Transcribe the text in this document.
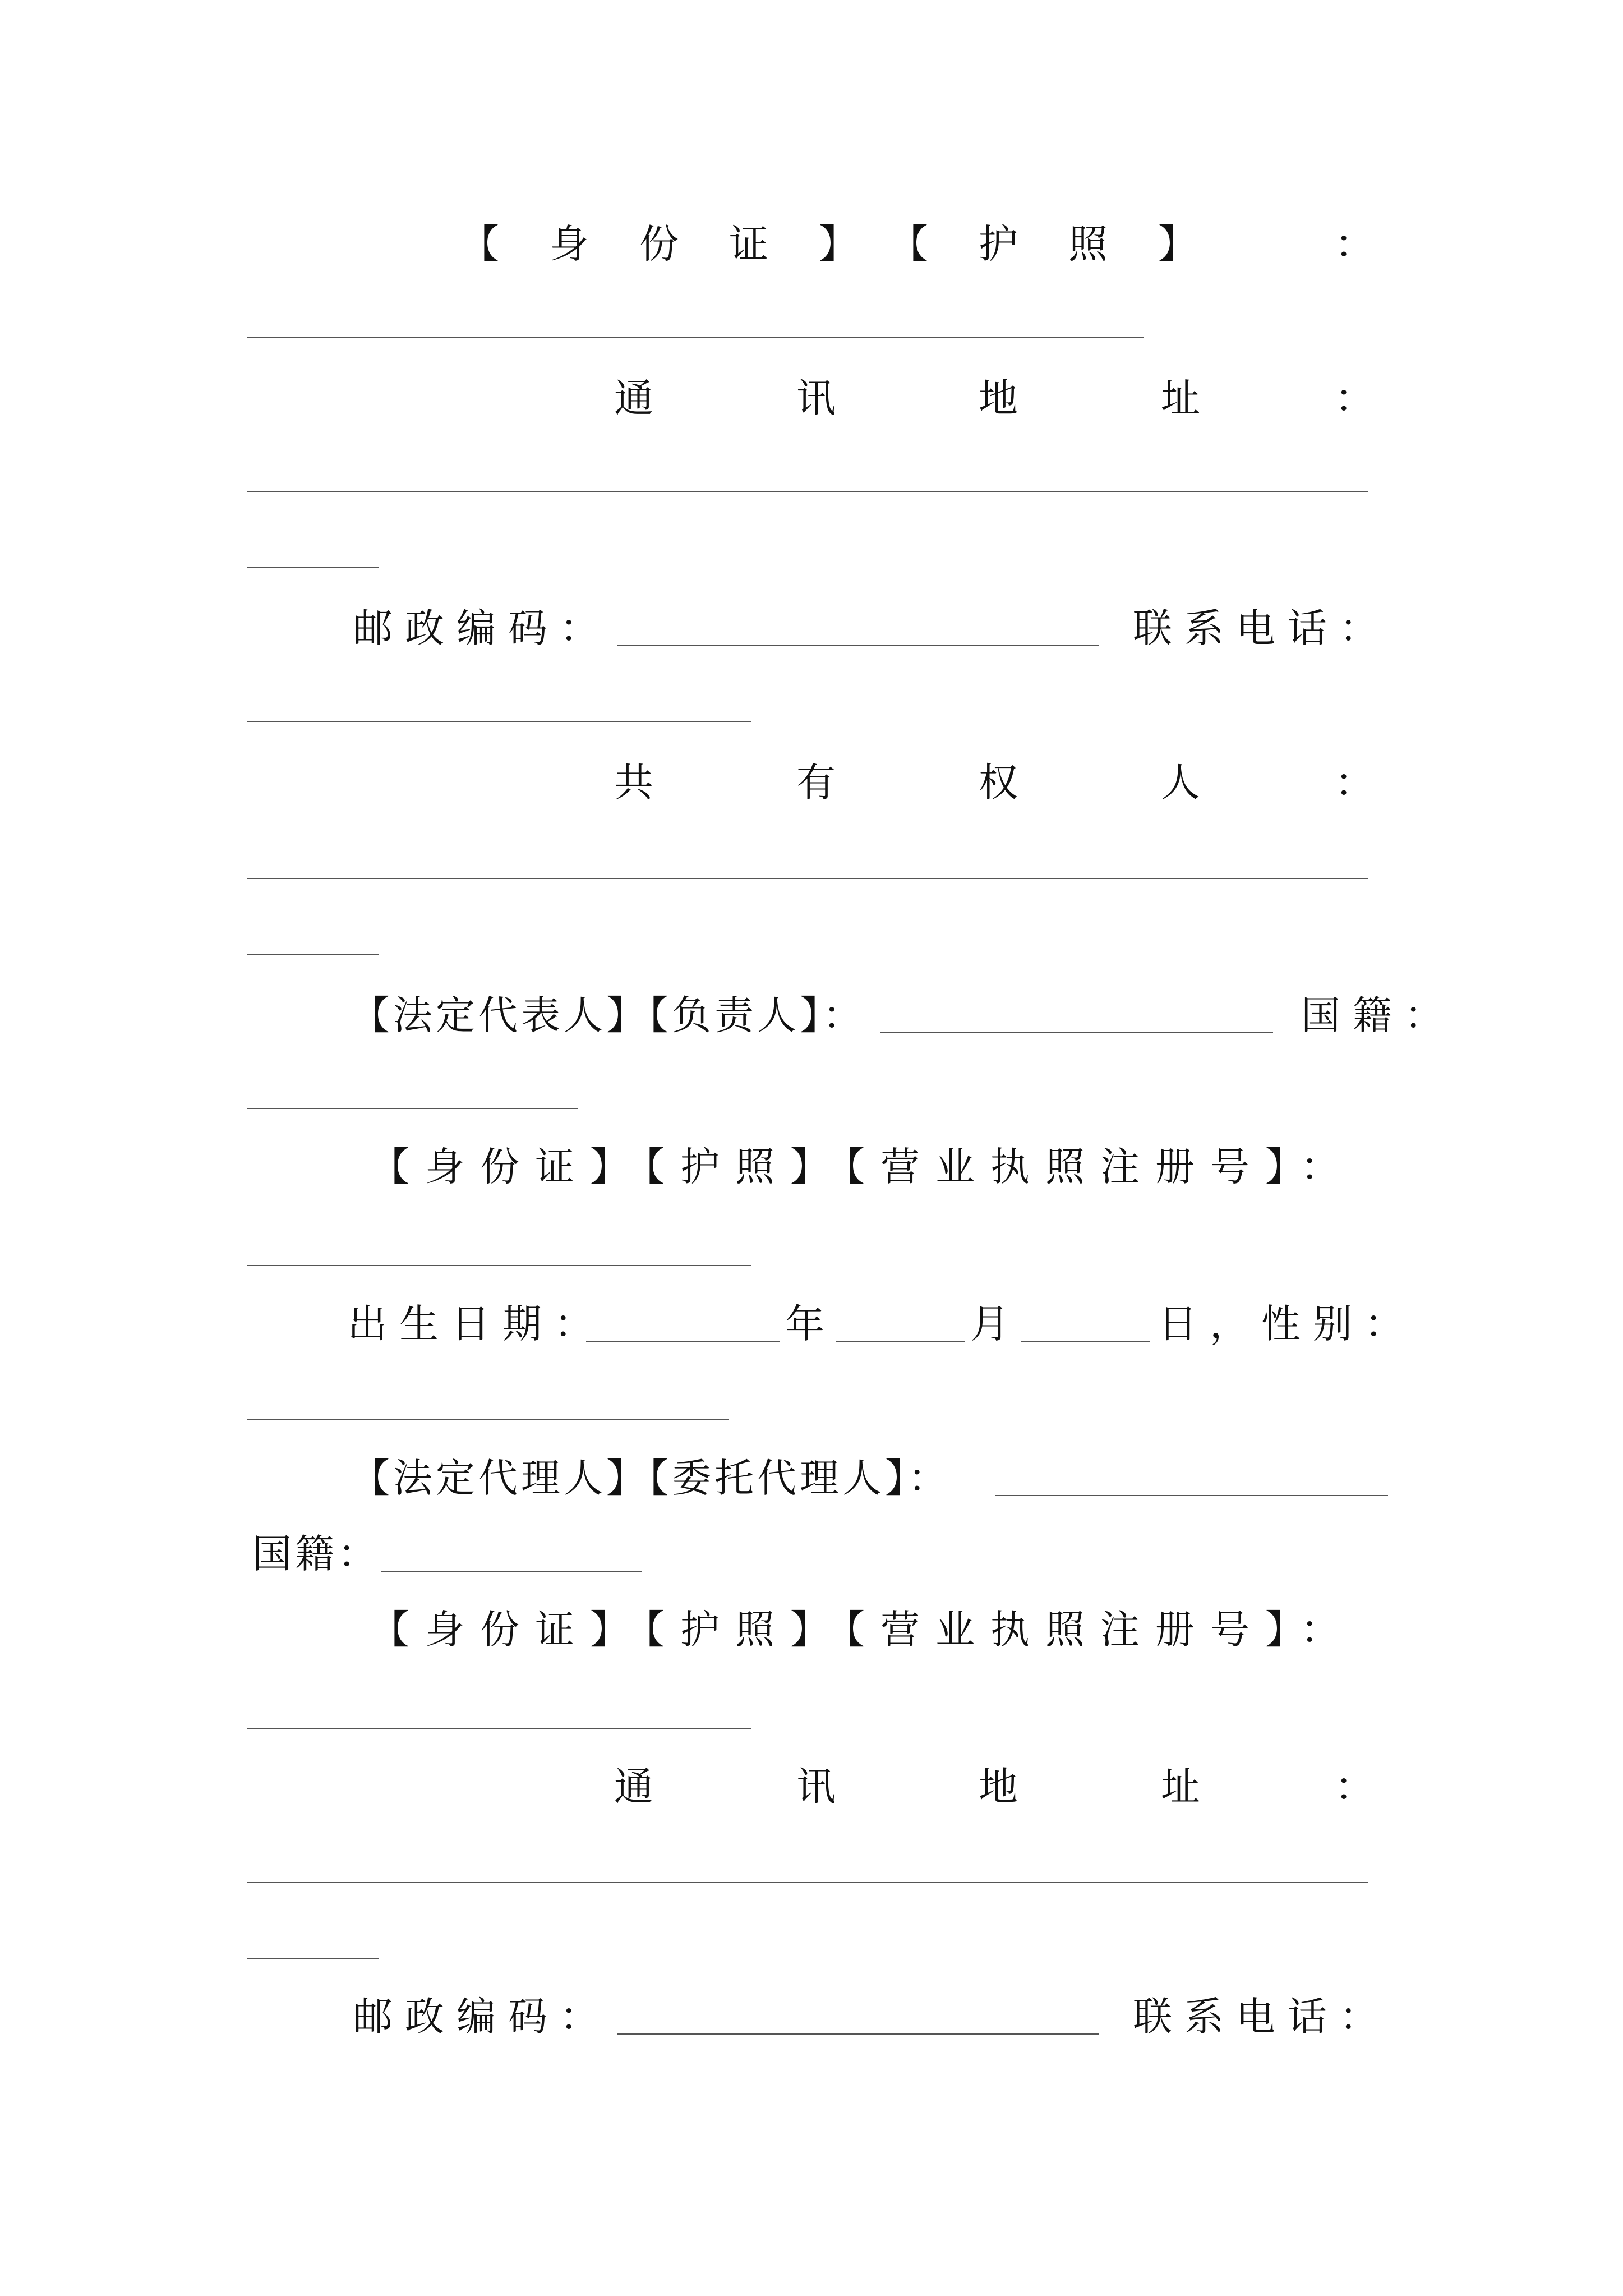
【身份证】【护照】 ：
通	讯	地	址	：
邮政编码：	联系电话：
共	有	权	人	：
【法定代表人】【负责人】：	国籍：
【身份证】【护照】【营业执照注册号】：
出生日期：	年	月	日，性别：
【法定代理人】【委托代理人】：
国籍：
【身份证】【护照】【营业执照注册号】：
通	讯	地	址	：
邮政编码：	联系电话：
